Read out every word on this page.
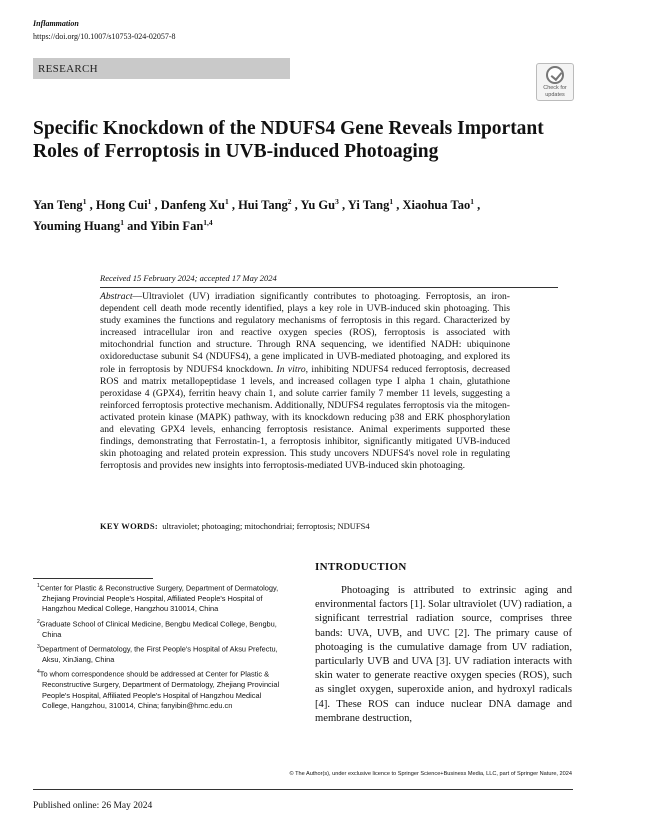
Inflammation
https://doi.org/10.1007/s10753-024-02057-8
RESEARCH
Check for
updates
Specific Knockdown of the NDUFS4 Gene Reveals Important Roles of Ferroptosis in UVB-induced Photoaging
Yan Teng$^1$ , Hong Cui$^1$ , Danfeng Xu$^1$ , Hui Tang$^2$ , Yu Gu$^3$ , Yi Tang$^1$ , Xiaohua Tao$^1$ ,
Youming Huang$^1$ and Yibin Fan$^{1,4}$
Received 15 February 2024; accepted 17 May 2024
Abstract—Ultraviolet (UV) irradiation significantly contributes to photoaging. Ferroptosis, an iron-dependent cell death mode recently identified, plays a key role in UVB-induced skin photoaging. This study examines the functions and regulatory mechanisms of ferroptosis in this regard. Characterized by increased intracellular iron and reactive oxygen species (ROS), ferroptosis is associated with mitochondrial function and structure. Through RNA sequencing, we identified NADH: ubiquinone oxidoreductase subunit S4 (NDUFS4), a gene implicated in UVB-mediated photoaging, and explored its role in ferroptosis by NDUFS4 knockdown. In vitro, inhibiting NDUFS4 reduced ferroptosis, decreased ROS and matrix metallopeptidase 1 levels, and increased collagen type I alpha 1 chain, glutathione peroxidase 4 (GPX4), ferritin heavy chain 1, and solute carrier family 7 member 11 levels, suggesting a reinforced ferroptosis protective mechanism. Additionally, NDUFS4 regulates ferroptosis via the mitogen-activated protein kinase (MAPK) pathway, with its knockdown reducing p38 and ERK phosphorylation and elevating GPX4 levels, enhancing ferroptosis resistance. Animal experiments supported these findings, demonstrating that Ferrostatin-1, a ferroptosis inhibitor, significantly mitigated UVB-induced skin photoaging and related protein expression. This study uncovers NDUFS4's novel role in regulating ferroptosis and provides new insights into ferroptosis-mediated UVB-induced skin photoaging.
KEY WORDS: ultraviolet; photoaging; mitochondriai; ferroptosis; NDUFS4
INTRODUCTION

Photoaging is attributed to extrinsic aging and environmental factors [1]. Solar ultraviolet (UV) radiation, a significant terrestrial radiation source, comprises three bands: UVA, UVB, and UVC [2]. The primary cause of photoaging is the cumulative damage from UV radiation, particularly UVB and UVA [3]. UV radiation interacts with skin water to generate reactive oxygen species (ROS), such as singlet oxygen, superoxide anion, and hydroxyl radicals [4]. These ROS can induce nuclear DNA damage and membrane destruction,

$^1$Center for Plastic & Reconstructive Surgery, Department of Dermatology, Zhejiang Provincial People's Hospital, Affiliated People's Hospital of Hangzhou Medical College, Hangzhou 310014, China
$^2$Graduate School of Clinical Medicine, Bengbu Medical College, Bengbu, China
$^3$Department of Dermatology, the First People's Hospital of Aksu Prefectu, Aksu, XinJiang, China
$^4$To whom correspondence should be addressed at Center for Plastic & Reconstructive Surgery, Department of Dermatology, Zhejiang Provincial People's Hospital, Affiliated People's Hospital of Hangzhou Medical College, Hangzhou, 310014, China; fanyibin@hmc.edu.cn
© The Author(s), under exclusive licence to Springer Science+Business Media, LLC, part of Springer Nature, 2024
Published online: 26 May 2024
